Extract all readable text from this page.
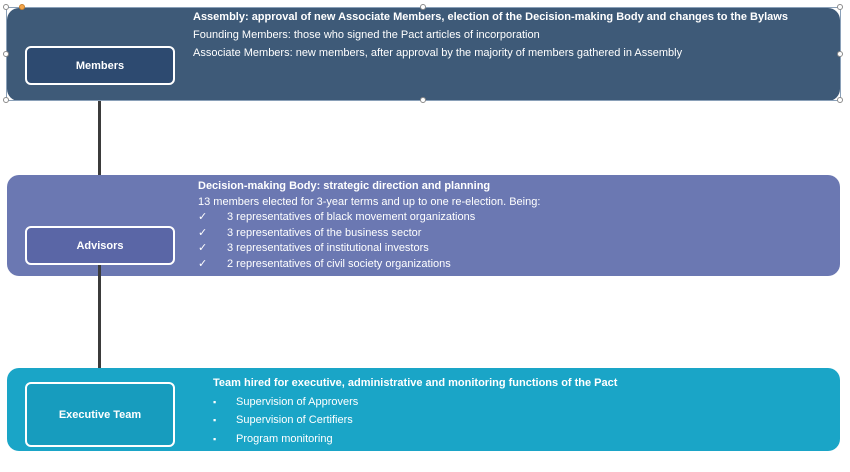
Members
Assembly: approval of new Associate Members, election of the Decision-making Body and changes to the Bylaws
Founding Members: those who signed the Pact articles of incorporation
Associate Members: new members, after approval by the majority of members gathered in Assembly
Advisors
Decision-making Body: strategic direction and planning
13 members elected for 3-year terms and up to one re-election. Being:
✓	3 representatives of black movement organizations
✓	3 representatives of the business sector
✓	3 representatives of institutional investors
✓	2 representatives of civil society organizations
Executive Team
Team hired for executive, administrative and monitoring functions of the Pact
▪	Supervision of Approvers
▪	Supervision of Certifiers
▪	Program monitoring
